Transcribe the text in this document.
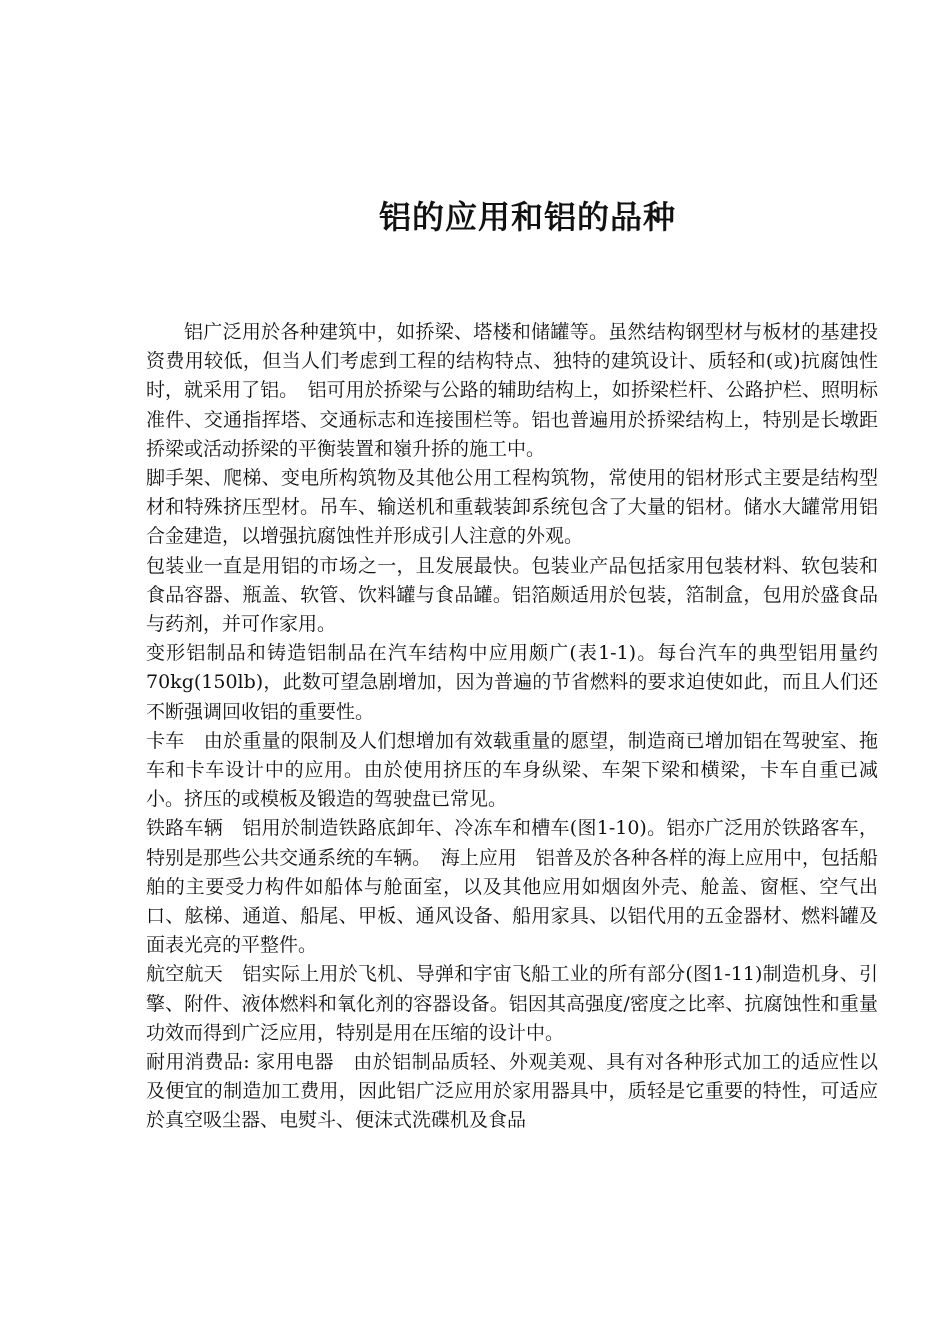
铝的应用和铝的品种

铝广泛用於各种建筑中，如挢梁、塔楼和储罐等。虽然结构钢型材与板材的基建投资费用较低，但当人们考虑到工程的结构特点、独特的建筑设计、质轻和(或)抗腐蚀性时，就采用了铝。　铝可用於挢梁与公路的辅助结构上，如挢梁栏杆、公路护栏、照明标准件、交通指挥塔、交通标志和连接围栏等。铝也普遍用於挢梁结构上，特别是长墩距挢梁或活动挢梁的平衡装置和嶺升挢的施工中。

脚手架、爬梯、变电所构筑物及其他公用工程构筑物，常使用的铝材形式主要是结构型材和特殊挤压型材。吊车、输送机和重载装卸系统包含了大量的铝材。储水大罐常用铝合金建造，以增强抗腐蚀性并形成引人注意的外观。

包装业一直是用铝的市场之一，且发展最快。包装业产品包括家用包装材料、软包装和食品容器、瓶盖、软管、饮料罐与食品罐。铝箔颇适用於包装，箔制盒，包用於盛食品与药剂，并可作家用。

变形铝制品和铸造铝制品在汽车结构中应用颇广(表1-1)。每台汽车的典型铝用量约70kg(150lb)，此数可望急剧增加，因为普遍的节省燃料的要求迫使如此，而且人们还不断强调回收铝的重要性。

卡车　由於重量的限制及人们想增加有效载重量的愿望，制造商已增加铝在驾驶室、拖车和卡车设计中的应用。由於使用挤压的车身纵梁、车架下梁和横梁，卡车自重已减小。挤压的或模板及锻造的驾驶盘已常见。

铁路车辆　铝用於制造铁路底卸年、冷冻车和槽车(图1-10)。铝亦广泛用於铁路客车，特别是那些公共交通系统的车辆。　海上应用　铝普及於各种各样的海上应用中，包括船舶的主要受力构件如船体与舱面室，以及其他应用如烟囱外壳、舱盖、窗框、空气出口、舷梯、通道、船尾、甲板、通风设备、船用家具、以铝代用的五金器材、燃料罐及面表光亮的平整件。

航空航天　铝实际上用於飞机、导弹和宇宙飞船工业的所有部分(图1-11)制造机身、引擎、附件、液体燃料和氧化剂的容器设备。铝因其高强度/密度之比率、抗腐蚀性和重量功效而得到广泛应用，特别是用在压缩的设计中。

耐用消费品: 家用电器　由於铝制品质轻、外观美观、具有对各种形式加工的适应性以及便宜的制造加工费用，因此铝广泛应用於家用器具中，质轻是它重要的特性，可适应於真空吸尘器、电熨斗、便沫式洗碟机及食品
